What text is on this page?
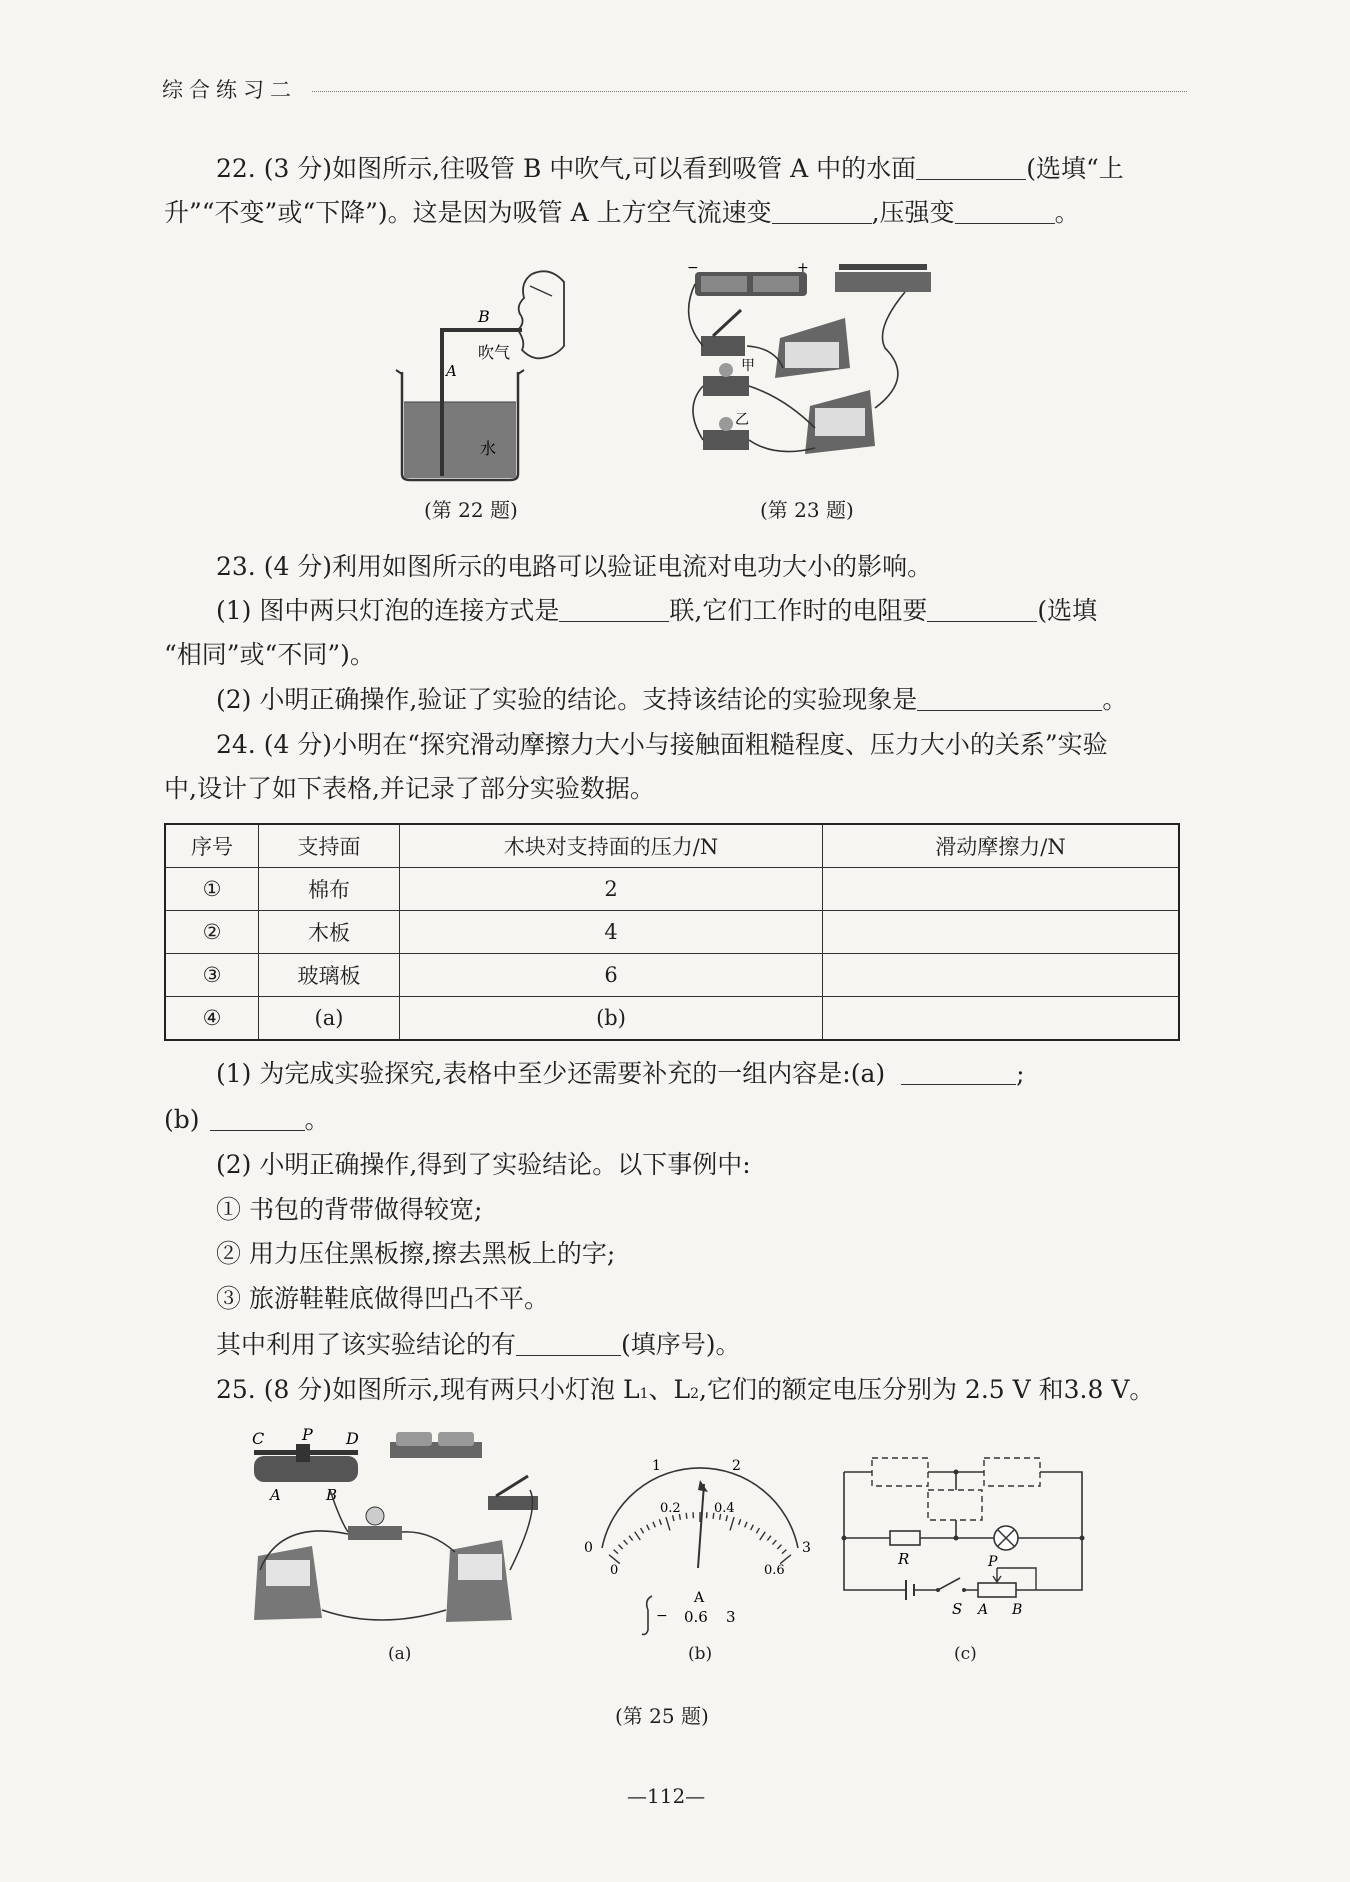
综合练习二
22. (3 分)如图所示,往吸管 B 中吹气,可以看到吸管 A 中的水面	(选填“上
升”“不变”或“下降”)。这是因为吸管 A 上方空气流速变	,压强变	。
B
A
吹气
水
(第 22 题)
−	+
甲
乙
(第 23 题)
23. (4 分)利用如图所示的电路可以验证电流对电功大小的影响。
(1) 图中两只灯泡的连接方式是	联,它们工作时的电阻要	(选填
“相同”或“不同”)。
(2) 小明正确操作,验证了实验的结论。支持该结论的实验现象是	。
24. (4 分)小明在“探究滑动摩擦力大小与接触面粗糙程度、压力大小的关系”实验
中,设计了如下表格,并记录了部分实验数据。
序号	支持面	木块对支持面的压力/N	滑动摩擦力/N
①	棉布	2	
②	木板	4	
③	玻璃板	6	
④	(a)	(b)	
(1) 为完成实验探究,表格中至少还需要补充的一组内容是:(a)	;
(b)	。
(2) 小明正确操作,得到了实验结论。以下事例中:
① 书包的背带做得较宽;
② 用力压住黑板擦,擦去黑板上的字;
③ 旅游鞋鞋底做得凹凸不平。
其中利用了该实验结论的有	(填序号)。
25. (8 分)如图所示,现有两只小灯泡 L1、L2,它们的额定电压分别为 2.5 V 和3.8 V。
C P D
A	B
(a)
0
1	2
3
0
0.2	0.4
0.6
A
− 0.6 3
(b)
R
S
P
A B
(c)
(第 25 题)
—112—
